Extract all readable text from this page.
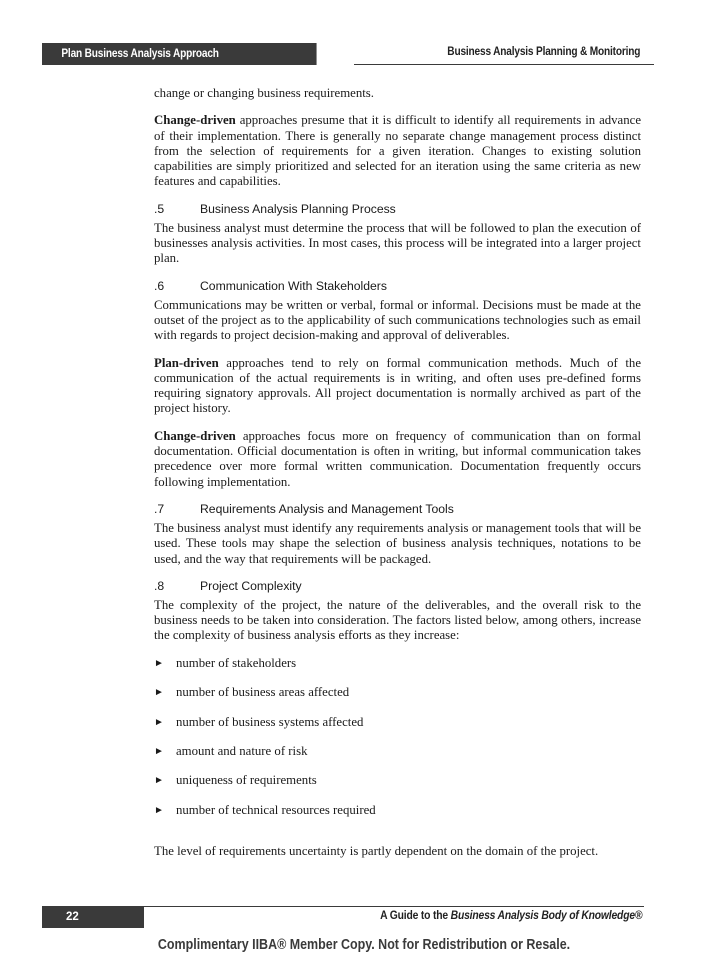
Plan Business Analysis Approach	Business Analysis Planning & Monitoring

change or changing business requirements.

Change-driven approaches presume that it is difficult to identify all requirements in advance of their implementation. There is generally no separate change management process distinct from the selection of requirements for a given iteration. Changes to existing solution capabilities are simply prioritized and selected for an iteration using the same criteria as new features and capabilities.

.5	Business Analysis Planning Process

The business analyst must determine the process that will be followed to plan the execution of businesses analysis activities. In most cases, this process will be integrated into a larger project plan.

.6	Communication With Stakeholders

Communications may be written or verbal, formal or informal. Decisions must be made at the outset of the project as to the applicability of such communications technologies such as email with regards to project decision-making and approval of deliverables.

Plan-driven approaches tend to rely on formal communication methods. Much of the communication of the actual requirements is in writing, and often uses pre-defined forms requiring signatory approvals. All project documentation is normally archived as part of the project history.

Change-driven approaches focus more on frequency of communication than on formal documentation. Official documentation is often in writing, but informal communication takes precedence over more formal written communication. Documentation frequently occurs following implementation.

.7	Requirements Analysis and Management Tools

The business analyst must identify any requirements analysis or management tools that will be used. These tools may shape the selection of business analysis techniques, notations to be used, and the way that requirements will be packaged.

.8	Project Complexity

The complexity of the project, the nature of the deliverables, and the overall risk to the business needs to be taken into consideration. The factors listed below, among others, increase the complexity of business analysis efforts as they increase:

► number of stakeholders
► number of business areas affected
► number of business systems affected
► amount and nature of risk
► uniqueness of requirements
► number of technical resources required

The level of requirements uncertainty is partly dependent on the domain of the project.

22	A Guide to the Business Analysis Body of Knowledge®
Complimentary IIBA® Member Copy. Not for Redistribution or Resale.
